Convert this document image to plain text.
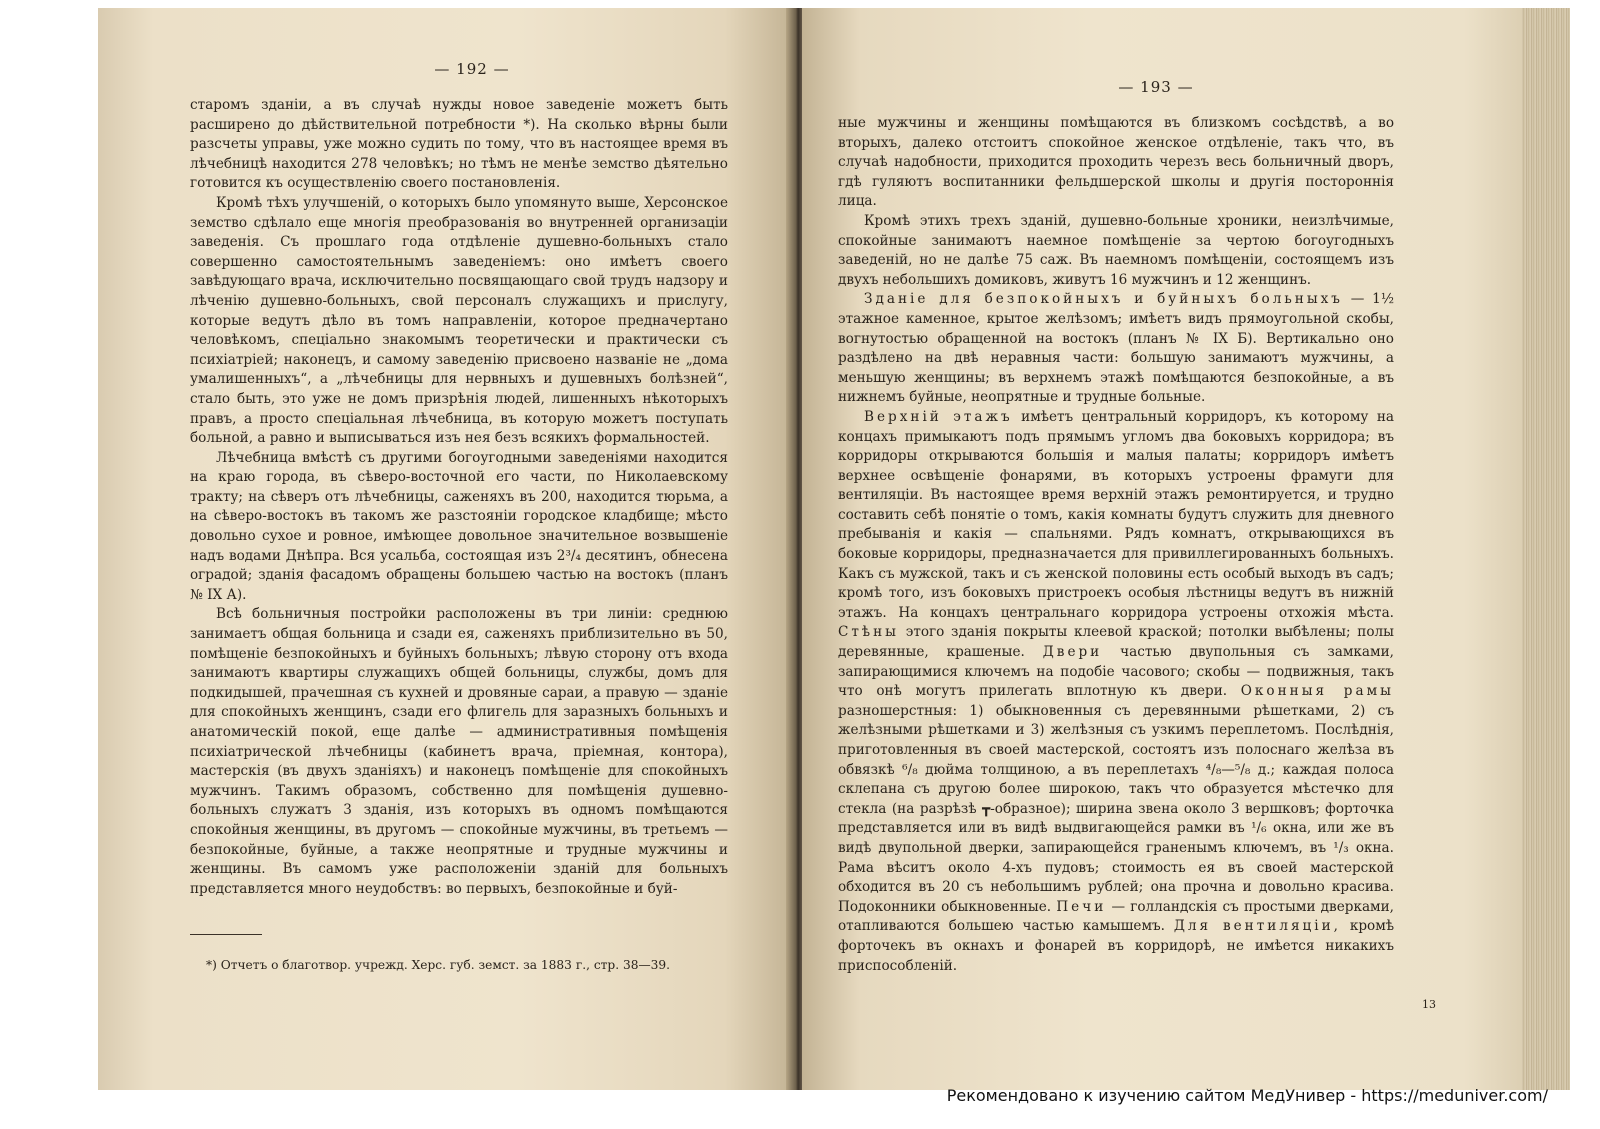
— 192 —

старомъ зданіи, а въ случаѣ нужды новое заведеніе можетъ быть расширено до дѣйствительной потребности *). На сколько вѣрны были разсчеты управы, уже можно судить по тому, что въ настоящее время въ лѣчебницѣ находится 278 человѣкъ; но тѣмъ не менѣе земство дѣятельно готовится къ осуществленію своего постановленія.

Кромѣ тѣхъ улучшеній, о которыхъ было упомянуто выше, Херсонское земство сдѣлало еще многія преобразованія во внутренней организаціи заведенія. Съ прошлаго года отдѣленіе душевно-больныхъ стало совершенно самостоятельнымъ заведеніемъ: оно имѣетъ своего завѣдующаго врача, исключительно посвящающаго свой трудъ надзору и лѣченію душевно-больныхъ, свой персоналъ служащихъ и прислугу, которые ведутъ дѣло въ томъ направленіи, которое предначертано человѣкомъ, спеціально знакомымъ теоретически и практически съ психіатріей; наконецъ, и самому заведенію присвоено названіе не „дома умалишенныхъ“, а „лѣчебницы для нервныхъ и душевныхъ болѣзней“, стало быть, это уже не домъ призрѣнія людей, лишенныхъ нѣкоторыхъ правъ, а просто спеціальная лѣчебница, въ которую можетъ поступать больной, а равно и выписываться изъ нея безъ всякихъ формальностей.

Лѣчебница вмѣстѣ съ другими богоугодными заведеніями находится на краю города, въ сѣверо-восточной его части, по Николаевскому тракту; на сѣверъ отъ лѣчебницы, саженяхъ въ 200, находится тюрьма, а на сѣверо-востокъ въ такомъ же разстояніи городское кладбище; мѣсто довольно сухое и ровное, имѣющее довольное значительное возвышеніе надъ водами Днѣпра. Вся усальба, состоящая изъ 2³/₄ десятинъ, обнесена оградой; зданія фасадомъ обращены большею частью на востокъ (планъ № IX А).

Всѣ больничныя постройки расположены въ три линіи: среднюю занимаетъ общая больница и сзади ея, саженяхъ приблизительно въ 50, помѣщеніе безпокойныхъ и буйныхъ больныхъ; лѣвую сторону отъ входа занимаютъ квартиры служащихъ общей больницы, службы, домъ для подкидышей, прачешная съ кухней и дровяные сараи, а правую — зданіе для спокойныхъ женщинъ, сзади его флигель для заразныхъ больныхъ и анатомическій покой, еще далѣе — административныя помѣщенія психіатрической лѣчебницы (кабинетъ врача, пріемная, контора), мастерскія (въ двухъ зданіяхъ) и наконецъ помѣщеніе для спокойныхъ мужчинъ. Такимъ образомъ, собственно для помѣщенія душевно-больныхъ служатъ 3 зданія, изъ которыхъ въ одномъ помѣщаются спокойныя женщины, въ другомъ — спокойные мужчины, въ третьемъ — безпокойные, буйные, а также неопрятные и трудные мужчины и женщины. Въ самомъ уже расположеніи зданій для больныхъ представляется много неудобствъ: во первыхъ, безпокойные и буй-

*) Отчетъ о благотвор. учрежд. Херс. губ. земст. за 1883 г., стр. 38—39.
— 193 —

ные мужчины и женщины помѣщаются въ близкомъ сосѣдствѣ, а во вторыхъ, далеко отстоитъ спокойное женское отдѣленіе, такъ что, въ случаѣ надобности, приходится проходить черезъ весь больничный дворъ, гдѣ гуляютъ воспитанники фельдшерской школы и другія постороннія лица.

Кромѣ этихъ трехъ зданій, душевно-больные хроники, неизлѣчимые, спокойные занимаютъ наемное помѣщеніе за чертою богоугодныхъ заведеній, но не далѣе 75 саж. Въ наемномъ помѣщеніи, состоящемъ изъ двухъ небольшихъ домиковъ, живутъ 16 мужчинъ и 12 женщинъ.

Зданіе для безпокойныхъ и буйныхъ больныхъ — 1½ этажное каменное, крытое желѣзомъ; имѣетъ видъ прямоугольной скобы, вогнутостью обращенной на востокъ (планъ № IX Б). Вертикально оно раздѣлено на двѣ неравныя части: большую занимаютъ мужчины, а меньшую женщины; въ верхнемъ этажѣ помѣщаются безпокойные, а въ нижнемъ буйные, неопрятные и трудные больные.

Верхній этажъ имѣетъ центральный корридоръ, къ которому на концахъ примыкаютъ подъ прямымъ угломъ два боковыхъ корридора; въ корридоры открываются большія и малыя палаты; корридоръ имѣетъ верхнее освѣщеніе фонарями, въ которыхъ устроены фрамуги для вентиляціи. Въ настоящее время верхній этажъ ремонтируется, и трудно составить себѣ понятіе о томъ, какія комнаты будутъ служить для дневного пребыванія и какія — спальнями. Рядъ комнатъ, открывающихся въ боковые корридоры, предназначается для привиллегированныхъ больныхъ. Какъ съ мужской, такъ и съ женской половины есть особый выходъ въ садъ; кромѣ того, изъ боковыхъ пристроекъ особыя лѣстницы ведутъ въ нижній этажъ. На концахъ центральнаго корридора устроены отхожія мѣста. Стѣны этого зданія покрыты клеевой краской; потолки выбѣлены; полы деревянные, крашеные. Двери частью двупольныя съ замками, запирающимися ключемъ на подобіе часового; скобы — подвижныя, такъ что онѣ могутъ прилегать вплотную къ двери. Оконныя рамы разношерстныя: 1) обыкновенныя съ деревянными рѣшетками, 2) съ желѣзными рѣшетками и 3) желѣзныя съ узкимъ переплетомъ. Послѣднія, приготовленныя въ своей мастерской, состоятъ изъ полоснаго желѣза въ обвязкѣ ⁶/₈ дюйма толщиною, а въ переплетахъ ⁴/₈—⁵/₈ д.; каждая полоса склепана съ другою более широкою, такъ что образуется мѣстечко для стекла (на разрѣзѣ ┳-образное); ширина звена около 3 вершковъ; форточка представляется или въ видѣ выдвигающейся рамки въ ¹/₆ окна, или же въ видѣ двупольной дверки, запирающейся граненымъ ключемъ, въ ¹/₃ окна. Рама вѣситъ около 4-хъ пудовъ; стоимость ея въ своей мастерской обходится въ 20 съ небольшимъ рублей; она прочна и довольно красива. Подоконники обыкновенные. Печи — голландскія съ простыми дверками, отапливаются большею частью камышемъ. Для вентиляціи, кромѣ форточекъ въ окнахъ и фонарей въ корридорѣ, не имѣется никакихъ приспособленій.

13
Рекомендовано к изучению сайтом МедУнивер - https://meduniver.com/
